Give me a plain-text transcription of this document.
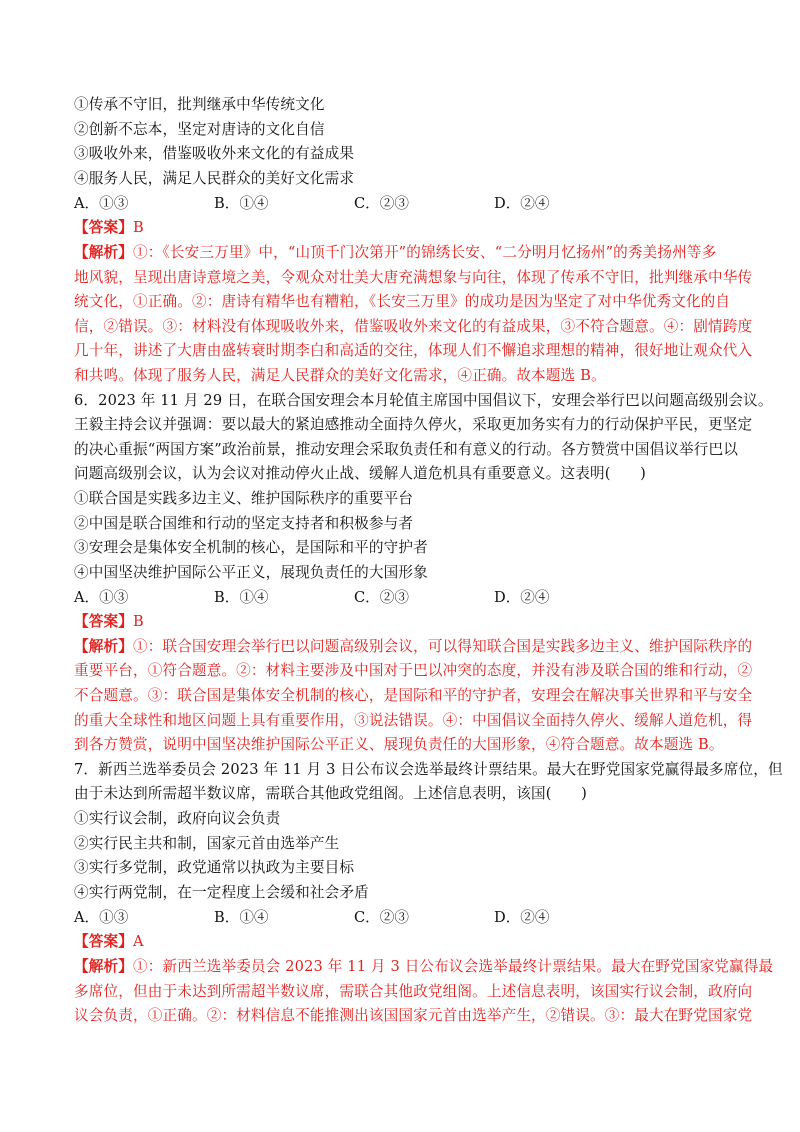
①传承不守旧，批判继承中华传统文化
②创新不忘本，坚定对唐诗的文化自信
③吸收外来，借鉴吸收外来文化的有益成果
④服务人民，满足人民群众的美好文化需求
A．①③	B．①④	C．②③	D．②④
【答案】B
【解析】①：《长安三万里》中，“山顶千门次第开”的锦绣长安、“二分明月忆扬州”的秀美扬州等多
地风貌，呈现出唐诗意境之美，令观众对壮美大唐充满想象与向往，体现了传承不守旧，批判继承中华传
统文化，①正确。②：唐诗有精华也有糟粕，《长安三万里》的成功是因为坚定了对中华优秀文化的自
信，②错误。③：材料没有体现吸收外来，借鉴吸收外来文化的有益成果，③不符合题意。④：剧情跨度
几十年，讲述了大唐由盛转衰时期李白和高适的交往，体现人们不懈追求理想的精神，很好地让观众代入
和共鸣。体现了服务人民，满足人民群众的美好文化需求，④正确。故本题选 B。
6．2023 年 11 月 29 日，在联合国安理会本月轮值主席国中国倡议下，安理会举行巴以问题高级别会议。
王毅主持会议并强调：要以最大的紧迫感推动全面持久停火，采取更加务实有力的行动保护平民，更坚定
的决心重振“两国方案”政治前景，推动安理会采取负责任和有意义的行动。各方赞赏中国倡议举行巴以
问题高级别会议，认为会议对推动停火止战、缓解人道危机具有重要意义。这表明(　　)
①联合国是实践多边主义、维护国际秩序的重要平台
②中国是联合国维和行动的坚定支持者和积极参与者
③安理会是集体安全机制的核心，是国际和平的守护者
④中国坚决维护国际公平正义，展现负责任的大国形象
A．①③	B．①④	C．②③	D．②④
【答案】B
【解析】①：联合国安理会举行巴以问题高级别会议，可以得知联合国是实践多边主义、维护国际秩序的
重要平台，①符合题意。②：材料主要涉及中国对于巴以冲突的态度，并没有涉及联合国的维和行动，②
不合题意。③：联合国是集体安全机制的核心，是国际和平的守护者，安理会在解决事关世界和平与安全
的重大全球性和地区问题上具有重要作用，③说法错误。④：中国倡议全面持久停火、缓解人道危机，得
到各方赞赏，说明中国坚决维护国际公平正义、展现负责任的大国形象，④符合题意。故本题选 B。
7．新西兰选举委员会 2023 年 11 月 3 日公布议会选举最终计票结果。最大在野党国家党赢得最多席位，但
由于未达到所需超半数议席，需联合其他政党组阁。上述信息表明，该国(　　)
①实行议会制，政府向议会负责
②实行民主共和制，国家元首由选举产生
③实行多党制，政党通常以执政为主要目标
④实行两党制，在一定程度上会缓和社会矛盾
A．①③	B．①④	C．②③	D．②④
【答案】A
【解析】①：新西兰选举委员会 2023 年 11 月 3 日公布议会选举最终计票结果。最大在野党国家党赢得最
多席位，但由于未达到所需超半数议席，需联合其他政党组阁。上述信息表明，该国实行议会制，政府向
议会负责，①正确。②：材料信息不能推测出该国国家元首由选举产生，②错误。③：最大在野党国家党
